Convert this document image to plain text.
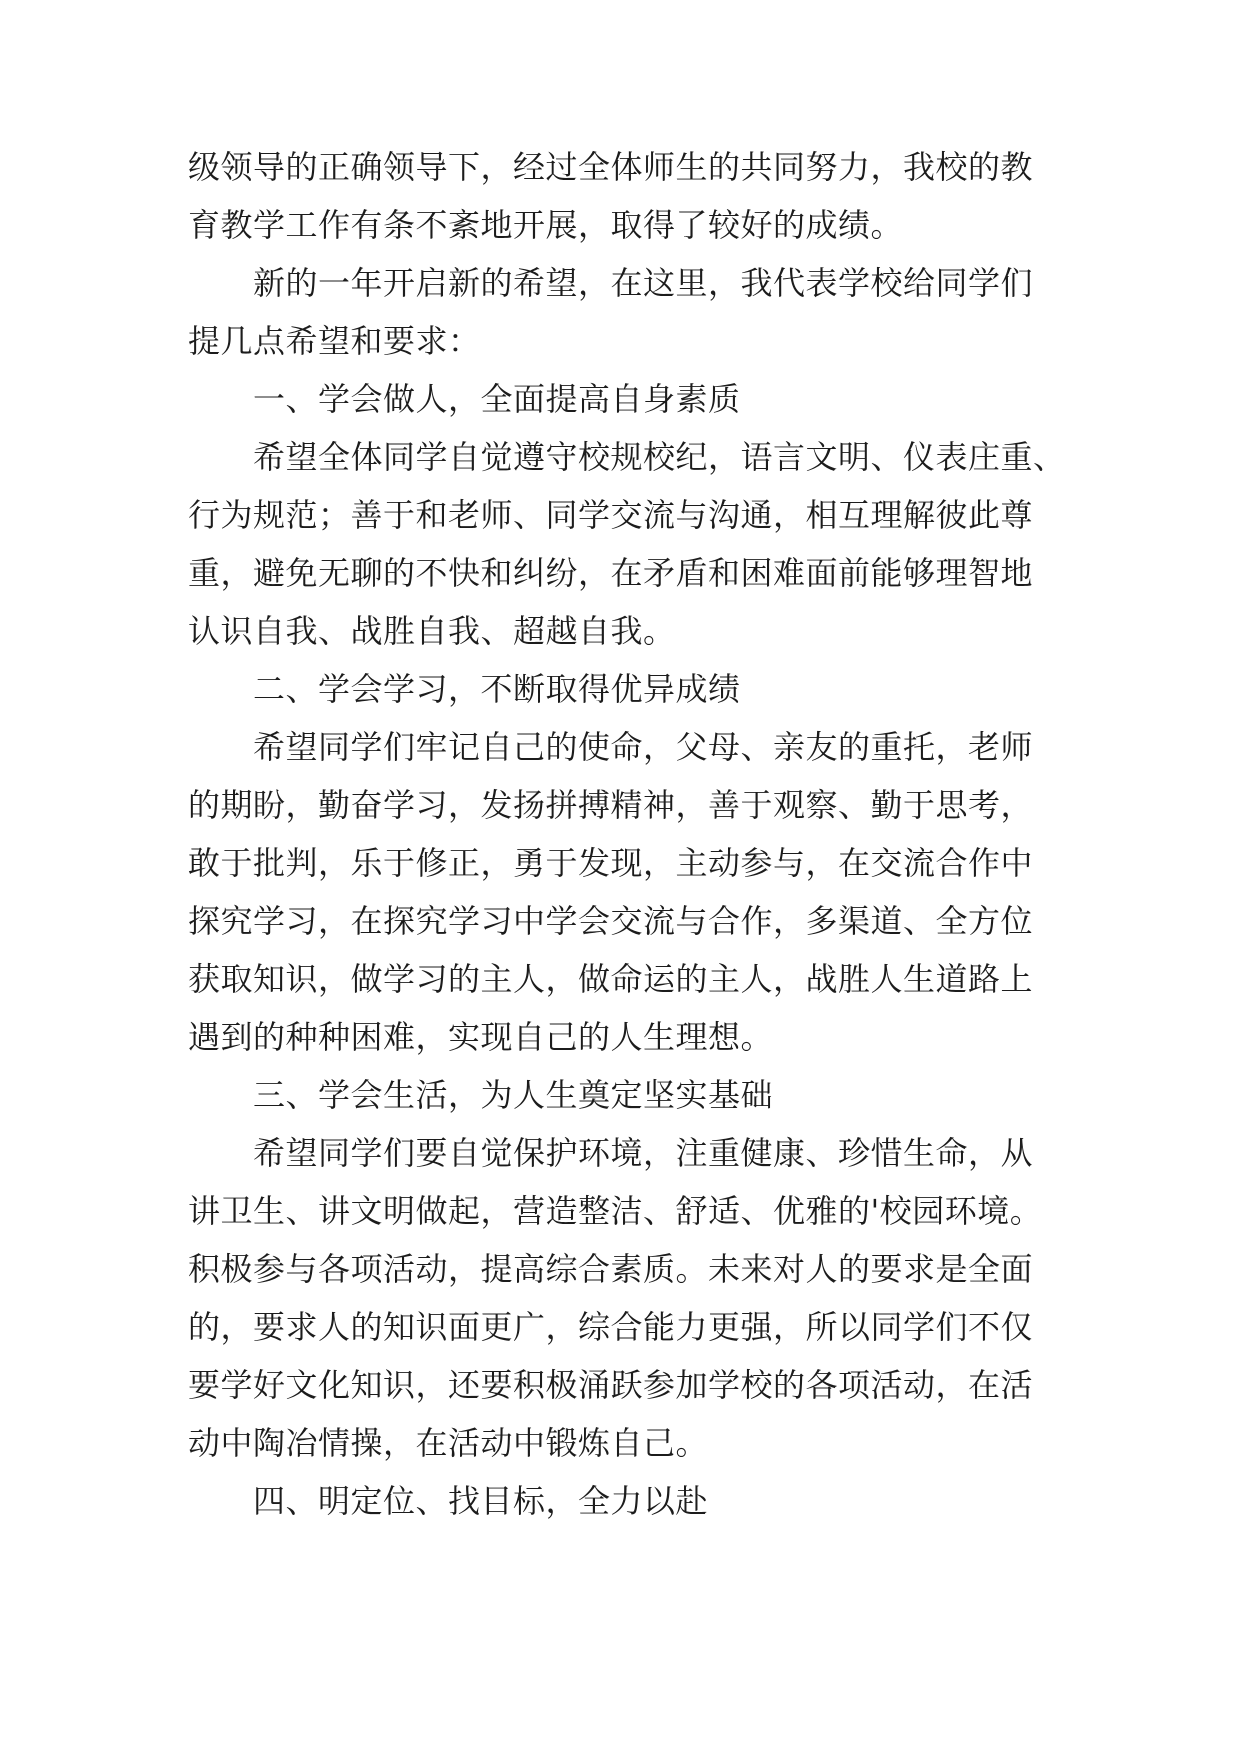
级领导的正确领导下，经过全体师生的共同努力，我校的教
育教学工作有条不紊地开展，取得了较好的成绩。
新的一年开启新的希望，在这里，我代表学校给同学们
提几点希望和要求：
一、学会做人，全面提高自身素质
希望全体同学自觉遵守校规校纪，语言文明、仪表庄重、
行为规范；善于和老师、同学交流与沟通，相互理解彼此尊
重，避免无聊的不快和纠纷，在矛盾和困难面前能够理智地
认识自我、战胜自我、超越自我。
二、学会学习，不断取得优异成绩
希望同学们牢记自己的使命，父母、亲友的重托，老师
的期盼，勤奋学习，发扬拼搏精神，善于观察、勤于思考，
敢于批判，乐于修正，勇于发现，主动参与，在交流合作中
探究学习，在探究学习中学会交流与合作，多渠道、全方位
获取知识，做学习的主人，做命运的主人，战胜人生道路上
遇到的种种困难，实现自己的人生理想。
三、学会生活，为人生奠定坚实基础
希望同学们要自觉保护环境，注重健康、珍惜生命，从
讲卫生、讲文明做起，营造整洁、舒适、优雅的'校园环境。
积极参与各项活动，提高综合素质。未来对人的要求是全面
的，要求人的知识面更广，综合能力更强，所以同学们不仅
要学好文化知识，还要积极涌跃参加学校的各项活动，在活
动中陶冶情操，在活动中锻炼自己。
四、明定位、找目标，全力以赴
